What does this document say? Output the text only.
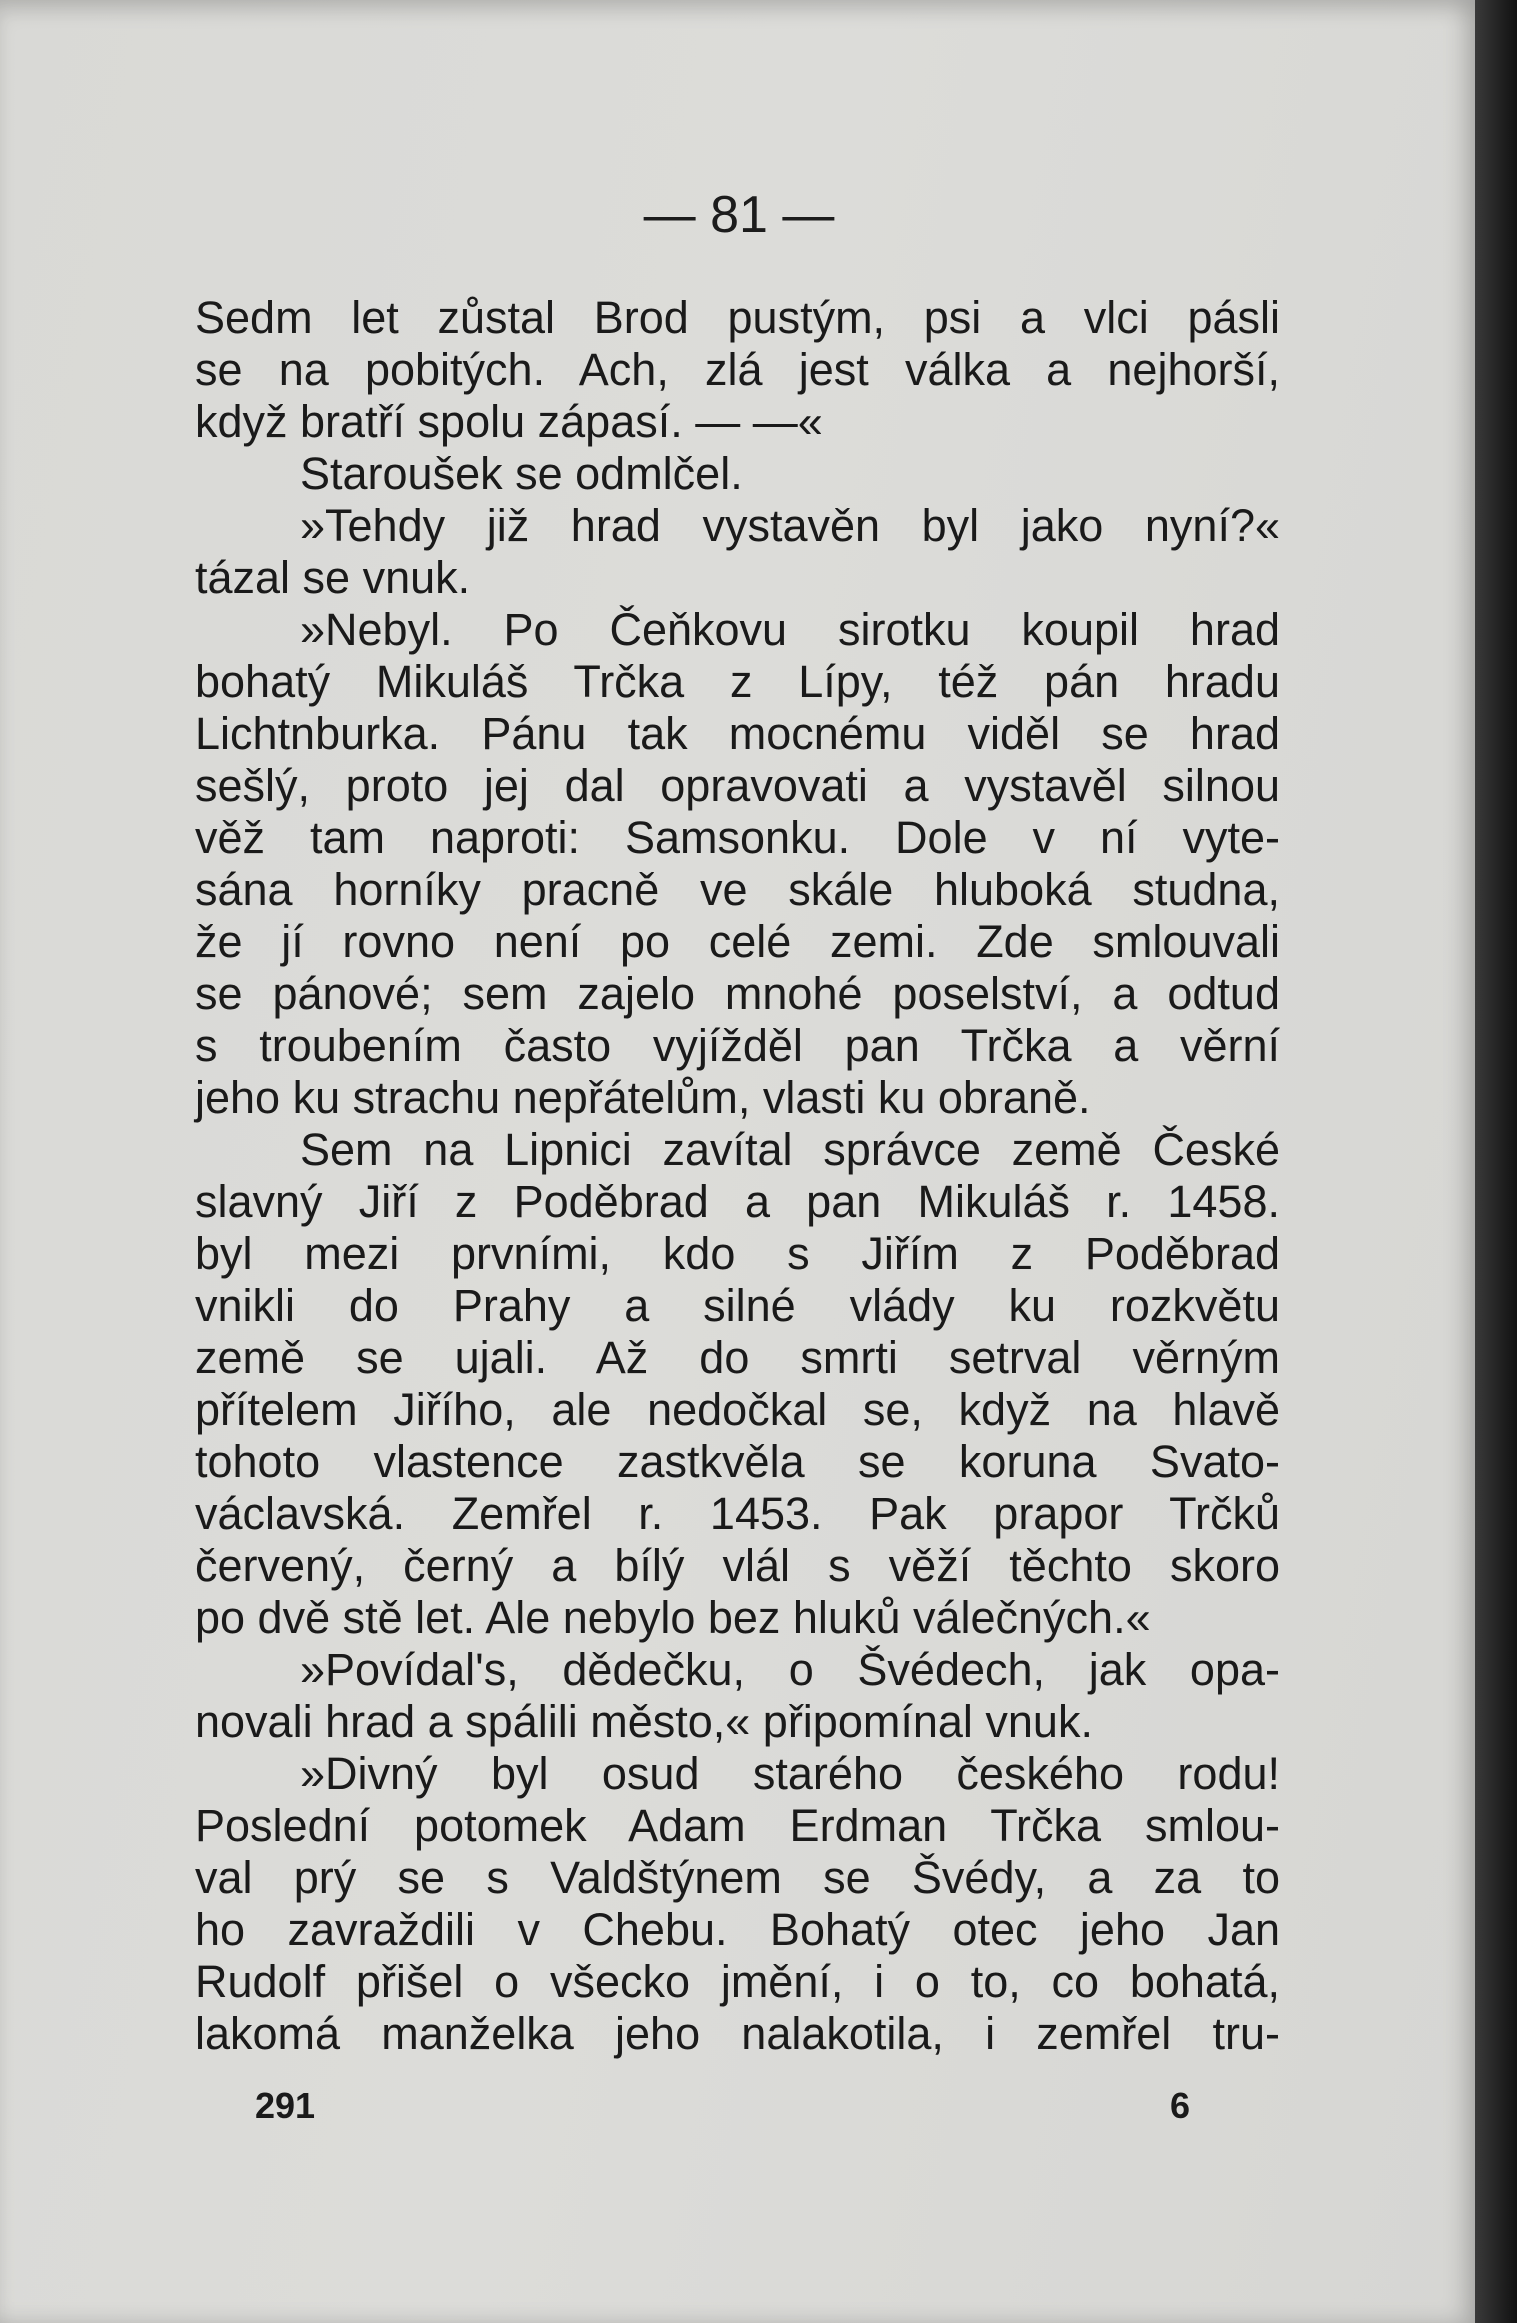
— 81 —
Sedm let zůstal Brod pustým, psi a vlci pásli
se na pobitých. Ach, zlá jest válka a nejhorší,
když bratří spolu zápasí. — —«
Staroušek se odmlčel.
»Tehdy již hrad vystavěn byl jako nyní?«
tázal se vnuk.
»Nebyl. Po Čeňkovu sirotku koupil hrad
bohatý Mikuláš Trčka z Lípy, též pán hradu
Lichtnburka. Pánu tak mocnému viděl se hrad
sešlý, proto jej dal opravovati a vystavěl silnou
věž tam naproti: Samsonku. Dole v ní vyte-
sána horníky pracně ve skále hluboká studna,
že jí rovno není po celé zemi. Zde smlouvali
se pánové; sem zajelo mnohé poselství, a odtud
s troubením často vyjížděl pan Trčka a věrní
jeho ku strachu nepřátelům, vlasti ku obraně.
Sem na Lipnici zavítal správce země České
slavný Jiří z Poděbrad a pan Mikuláš r. 1458.
byl mezi prvními, kdo s Jiřím z Poděbrad
vnikli do Prahy a silné vlády ku rozkvětu
země se ujali. Až do smrti setrval věrným
přítelem Jiřího, ale nedočkal se, když na hlavě
tohoto vlastence zastkvěla se koruna Svato-
václavská. Zemřel r. 1453. Pak prapor Trčků
červený, černý a bílý vlál s věží těchto skoro
po dvě stě let. Ale nebylo bez hluků válečných.«
»Povídal's, dědečku, o Švédech, jak opa-
novali hrad a spálili město,« připomínal vnuk.
»Divný byl osud starého českého rodu!
Poslední potomek Adam Erdman Trčka smlou-
val prý se s Valdštýnem se Švédy, a za to
ho zavraždili v Chebu. Bohatý otec jeho Jan
Rudolf přišel o všecko jmění, i o to, co bohatá,
lakomá manželka jeho nalakotila, i zemřel tru-
291	6
